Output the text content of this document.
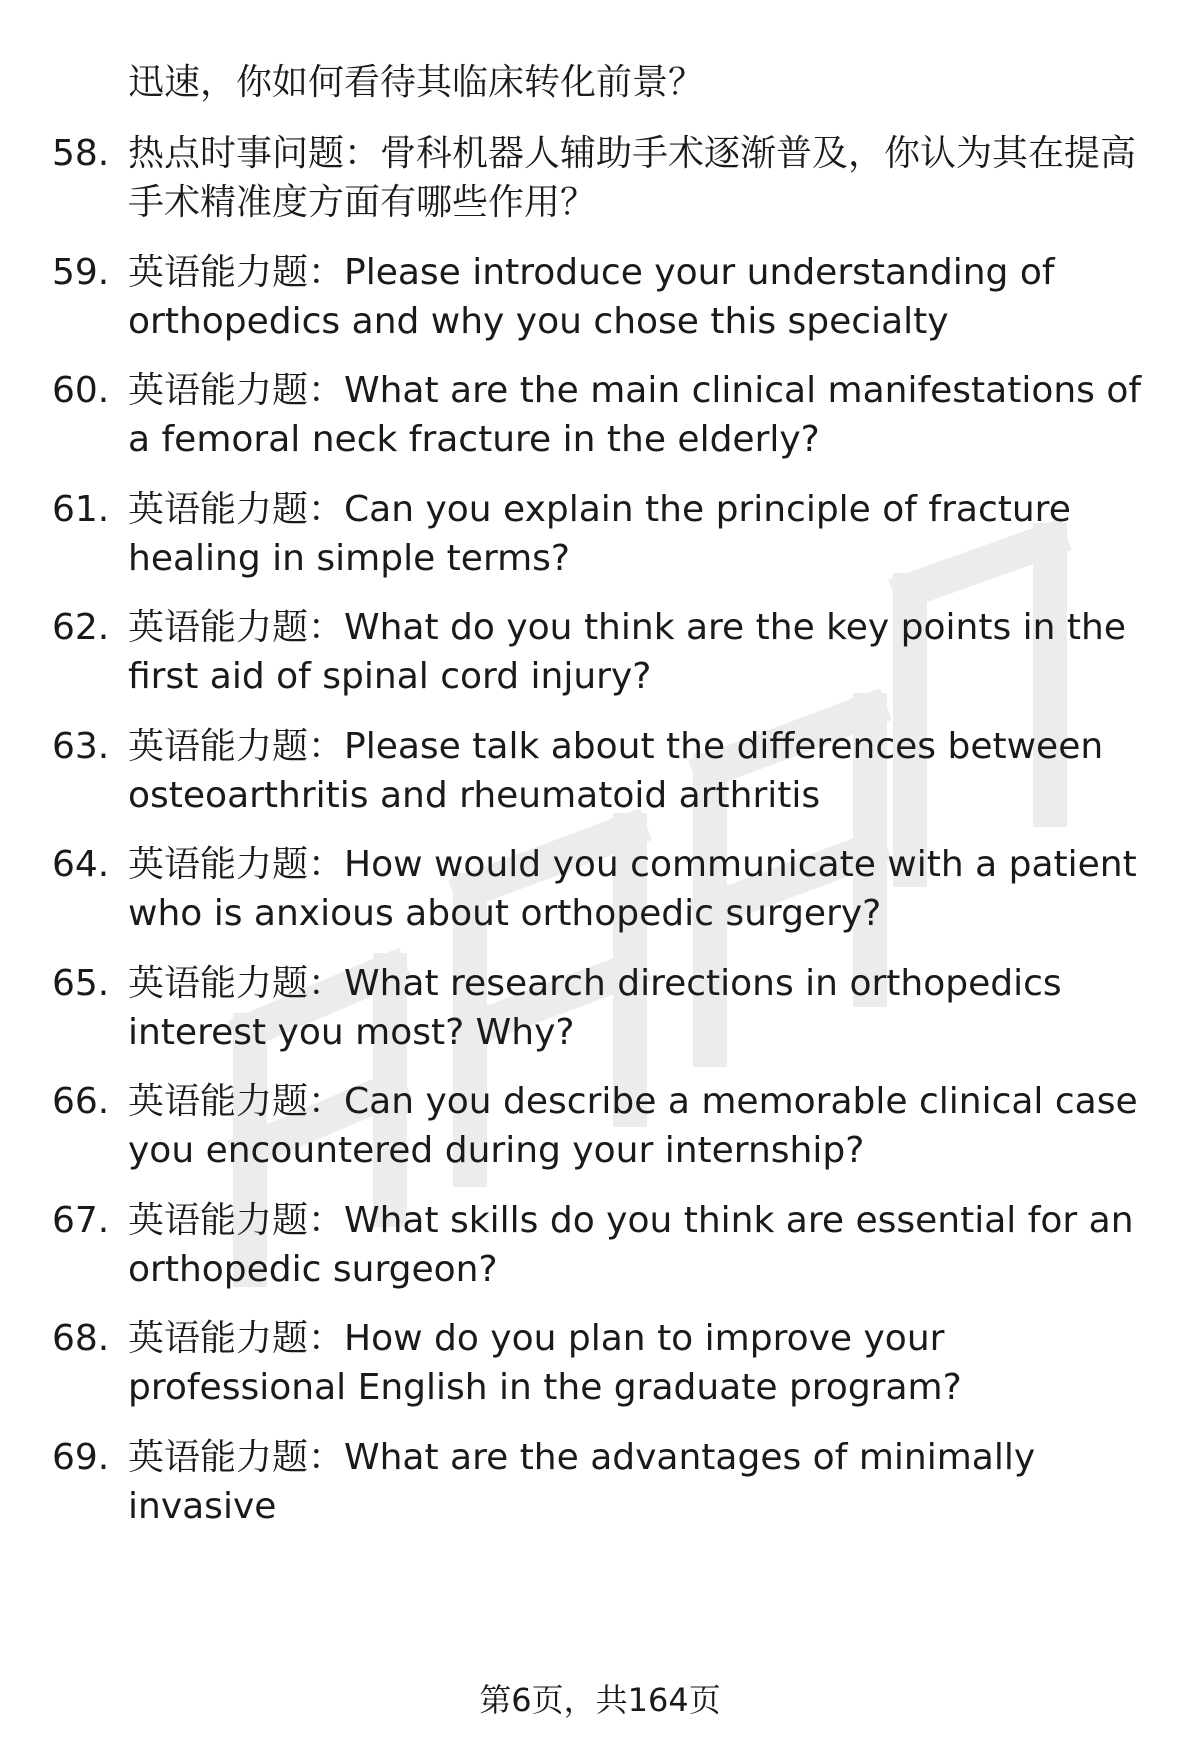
迅速，你如何看待其临床转化前景？
58. 热点时事问题：骨科机器人辅助手术逐渐普及，你认为其在提高手术精准度方面有哪些作用？
59. 英语能力题：Please introduce your understanding of orthopedics and why you chose this specialty
60. 英语能力题：What are the main clinical manifestations of a femoral neck fracture in the elderly?
61. 英语能力题：Can you explain the principle of fracture healing in simple terms?
62. 英语能力题：What do you think are the key points in the first aid of spinal cord injury?
63. 英语能力题：Please talk about the differences between osteoarthritis and rheumatoid arthritis
64. 英语能力题：How would you communicate with a patient who is anxious about orthopedic surgery?
65. 英语能力题：What research directions in orthopedics interest you most? Why?
66. 英语能力题：Can you describe a memorable clinical case you encountered during your internship?
67. 英语能力题：What skills do you think are essential for an orthopedic surgeon?
68. 英语能力题：How do you plan to improve your professional English in the graduate program?
69. 英语能力题：What are the advantages of minimally invasive
第6页，共164页
